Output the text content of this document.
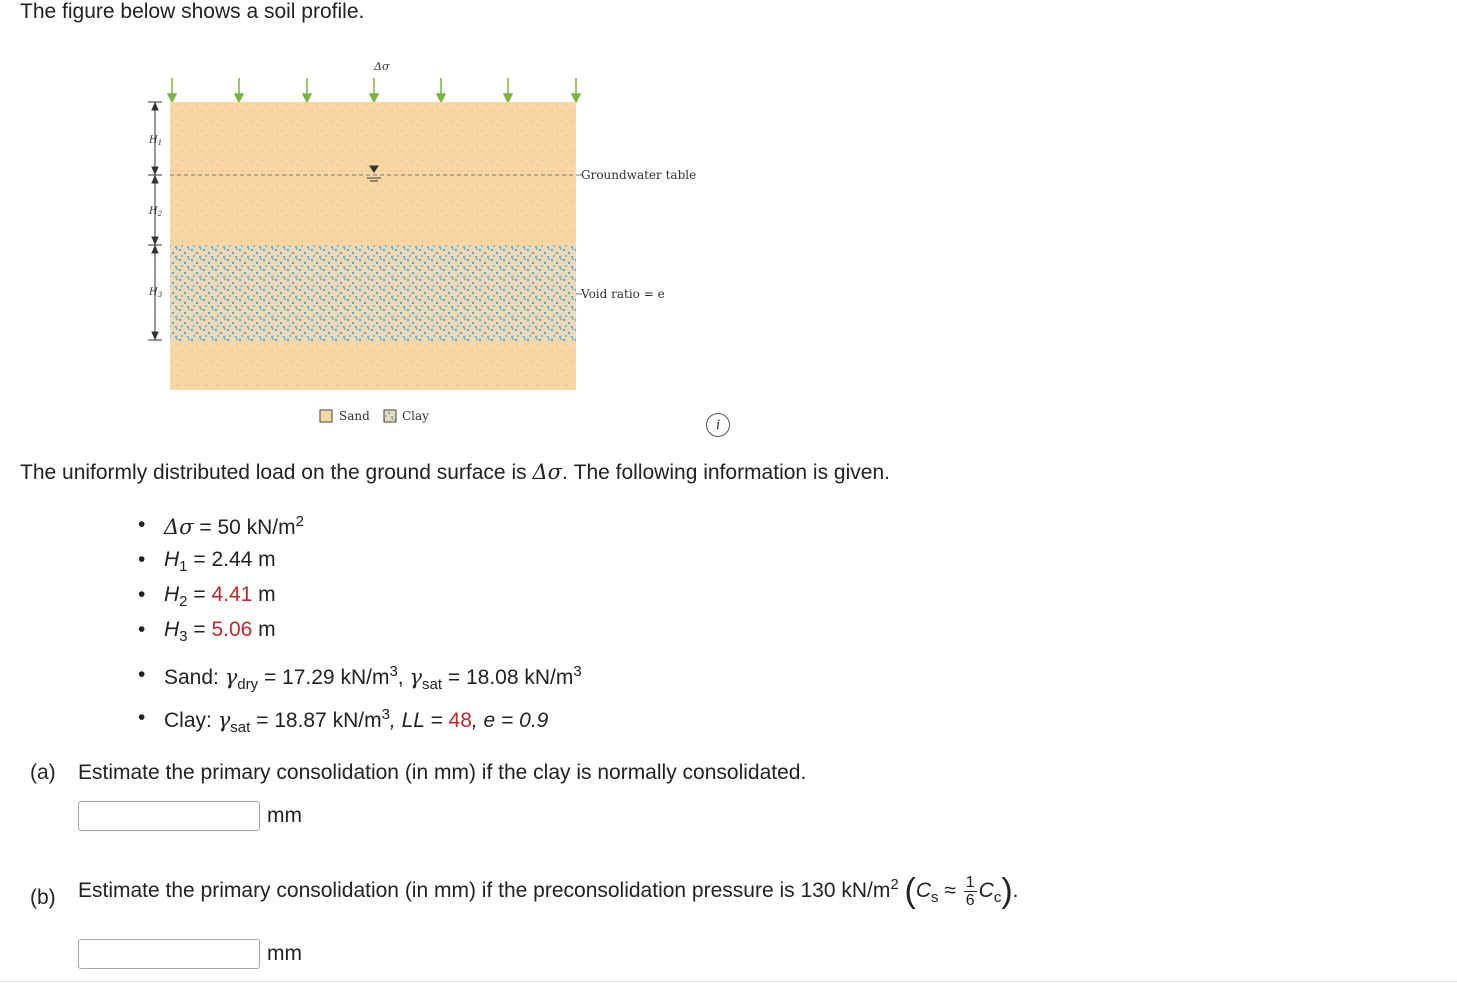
The figure below shows a soil profile.
Δσ
Groundwater table
Void ratio = e
$H_1$
$H_2$
$H_3$
Sand	Clay
i
The uniformly distributed load on the ground surface is Δσ. The following information is given.
Δσ = 50 $kN/m^2$
$H_1 = 2.44$ m
$H_2 = 4.41$ m
$H_3 = 5.06$ m
Sand: $\gamma_{dry} = 17.29$ $kN/m^3$, $\gamma_{sat} = 18.08$ $kN/m^3$
Clay: $\gamma_{sat} = 18.87$ $kN/m^3$, LL = 48, e = 0.9
(a) Estimate the primary consolidation (in mm) if the clay is normally consolidated.
mm
(b) Estimate the primary consolidation (in mm) if the preconsolidation pressure is 130 $kN/m^2$ $(C_s \approx \frac{1}{6} C_c)$.
mm
